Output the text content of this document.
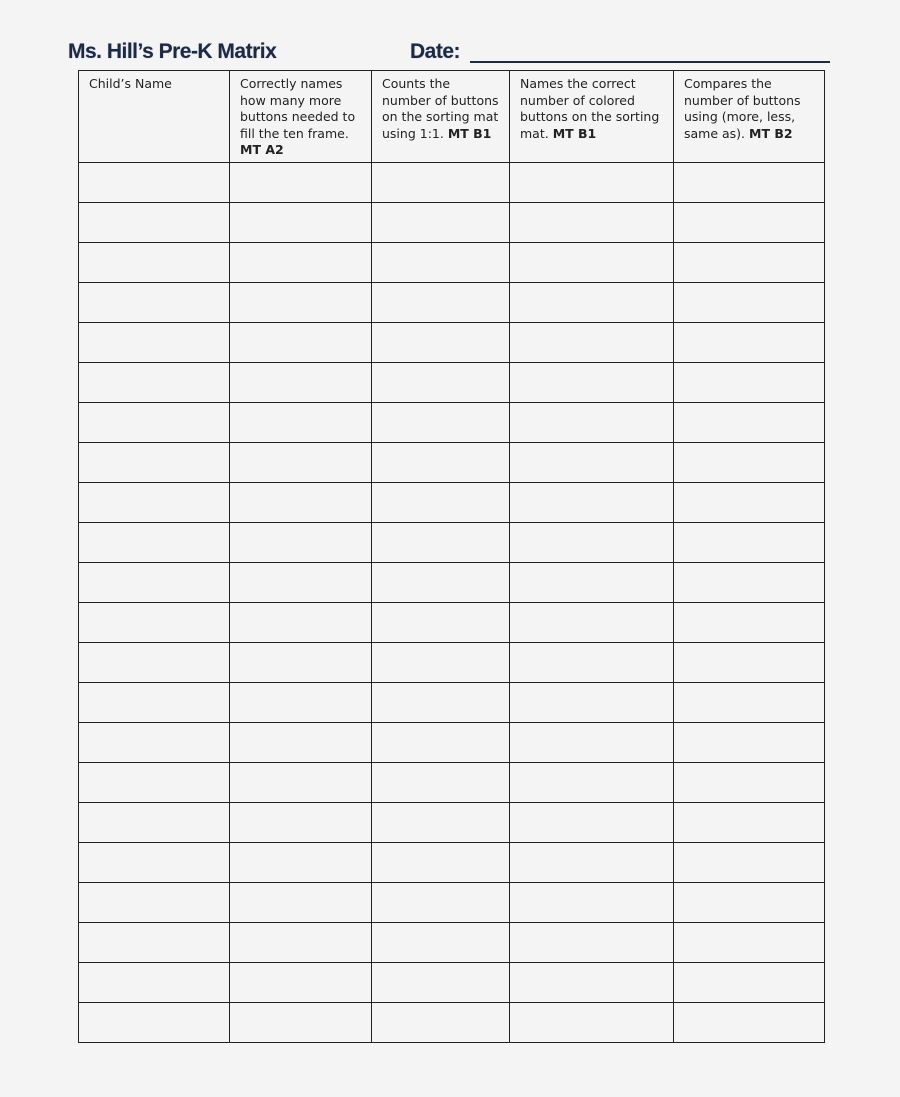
Ms. Hill’s Pre-K Matrix	Date:
Child’s Name	Correctly names how many more buttons needed to fill the ten frame. MT A2	Counts the number of buttons on the sorting mat using 1:1. MT B1	Names the correct number of colored buttons on the sorting mat. MT B1	Compares the number of buttons using (more, less, same as). MT B2
